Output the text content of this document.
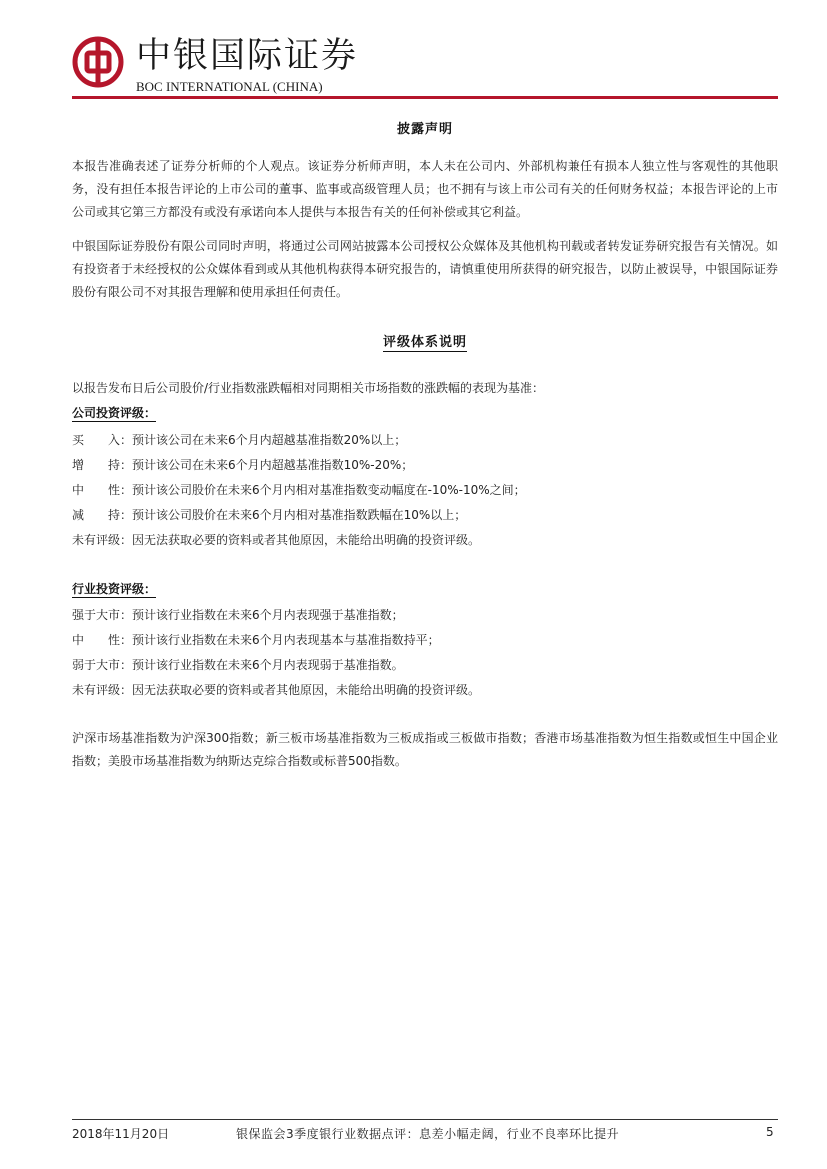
中银国际证券
BOC INTERNATIONAL (CHINA)
披露声明
本报告准确表述了证券分析师的个人观点。该证券分析师声明，本人未在公司内、外部机构兼任有损本人独立性与客观性的其他职务，没有担任本报告评论的上市公司的董事、监事或高级管理人员；也不拥有与该上市公司有关的任何财务权益；本报告评论的上市公司或其它第三方都没有或没有承诺向本人提供与本报告有关的任何补偿或其它利益。
中银国际证券股份有限公司同时声明，将通过公司网站披露本公司授权公众媒体及其他机构刊载或者转发证券研究报告有关情况。如有投资者于未经授权的公众媒体看到或从其他机构获得本研究报告的，请慎重使用所获得的研究报告，以防止被误导，中银国际证券股份有限公司不对其报告理解和使用承担任何责任。
评级体系说明
以报告发布日后公司股价/行业指数涨跌幅相对同期相关市场指数的涨跌幅的表现为基准：
公司投资评级：
买入：预计该公司在未来6个月内超越基准指数20%以上；
增持：预计该公司在未来6个月内超越基准指数10%-20%；
中性：预计该公司股价在未来6个月内相对基准指数变动幅度在-10%-10%之间；
减持：预计该公司股价在未来6个月内相对基准指数跌幅在10%以上；
未有评级：因无法获取必要的资料或者其他原因，未能给出明确的投资评级。
行业投资评级：
强于大市：预计该行业指数在未来6个月内表现强于基准指数；
中性：预计该行业指数在未来6个月内表现基本与基准指数持平；
弱于大市：预计该行业指数在未来6个月内表现弱于基准指数。
未有评级：因无法获取必要的资料或者其他原因，未能给出明确的投资评级。
沪深市场基准指数为沪深300指数；新三板市场基准指数为三板成指或三板做市指数；香港市场基准指数为恒生指数或恒生中国企业指数；美股市场基准指数为纳斯达克综合指数或标普500指数。
2018年11月20日	银保监会3季度银行业数据点评：息差小幅走阔，行业不良率环比提升	5
